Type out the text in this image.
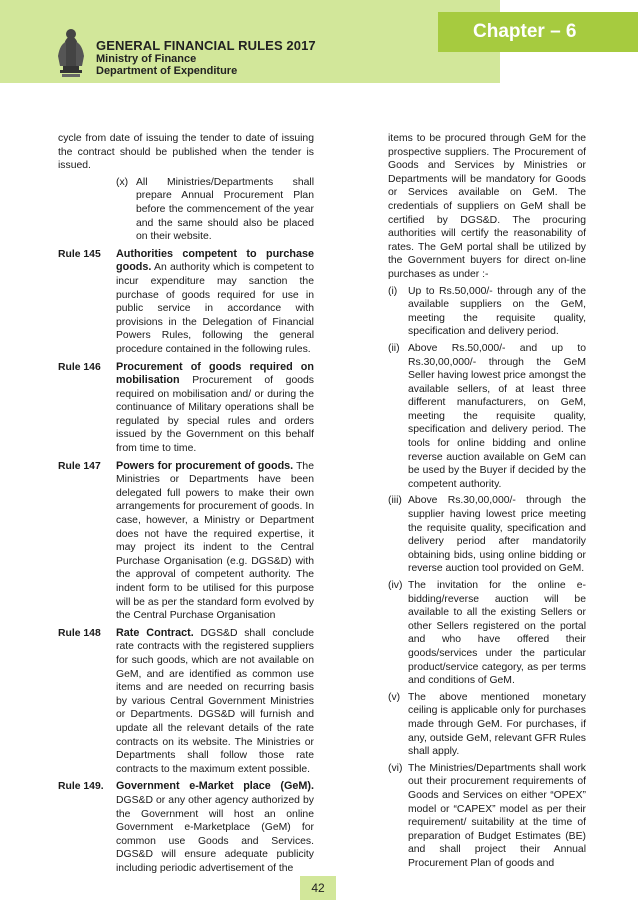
Chapter – 6
GENERAL FINANCIAL RULES 2017
Ministry of Finance
Department of Expenditure

cycle from date of issuing the tender to date of issuing the contract should be published when the tender is issued.

(x) All Ministries/Departments shall prepare Annual Procurement Plan before the commencement of the year and the same should also be placed on their website.
Rule 145	Authorities competent to purchase goods. An authority which is competent to incur expenditure may sanction the purchase of goods required for use in public service in accordance with provisions in the Delegation of Financial Powers Rules, following the general procedure contained in the following rules.
Rule 146	Procurement of goods required on mobilisation Procurement of goods required on mobilisation and/ or during the continuance of Military operations shall be regulated by special rules and orders issued by the Government on this behalf from time to time.
Rule 147	Powers for procurement of goods. The Ministries or Departments have been delegated full powers to make their own arrangements for procurement of goods. In case, however, a Ministry or Department does not have the required expertise, it may project its indent to the Central Purchase Organisation (e.g. DGS&D) with the approval of competent authority. The indent form to be utilised for this purpose will be as per the standard form evolved by the Central Purchase Organisation
Rule 148	Rate Contract. DGS&D shall conclude rate contracts with the registered suppliers for such goods, which are not available on GeM, and are identified as common use items and are needed on recurring basis by various Central Government Ministries or Departments. DGS&D will furnish and update all the relevant details of the rate contracts on its website. The Ministries or Departments shall follow those rate contracts to the maximum extent possible.
Rule 149.	Government e-Market place (GeM). DGS&D or any other agency authorized by the Government will host an online Government e-Marketplace (GeM) for common use Goods and Services. DGS&D will ensure adequate publicity including periodic advertisement of the

items to be procured through GeM for the prospective suppliers. The Procurement of Goods and Services by Ministries or Departments will be mandatory for Goods or Services available on GeM. The credentials of suppliers on GeM shall be certified by DGS&D. The procuring authorities will certify the reasonability of rates. The GeM portal shall be utilized by the Government buyers for direct on-line purchases as under :-

(i)	Up to Rs.50,000/- through any of the available suppliers on the GeM, meeting the requisite quality, specification and delivery period.
(ii) Above Rs.50,000/- and up to Rs.30,00,000/- through the GeM Seller having lowest price amongst the available sellers, of at least three different manufacturers, on GeM, meeting the requisite quality, specification and delivery period. The tools for online bidding and online reverse auction available on GeM can be used by the Buyer if decided by the competent authority.
(iii) Above Rs.30,00,000/- through the supplier having lowest price meeting the requisite quality, specification and delivery period after mandatorily obtaining bids, using online bidding or reverse auction tool provided on GeM.
(iv) The invitation for the online e-bidding/reverse auction will be available to all the existing Sellers or other Sellers registered on the portal and who have offered their goods/services under the particular product/service category, as per terms and conditions of GeM.
(v) The above mentioned monetary ceiling is applicable only for purchases made through GeM. For purchases, if any, outside GeM, relevant GFR Rules shall apply.
(vi) The Ministries/Departments shall work out their procurement requirements of Goods and Services on either “OPEX” model or “CAPEX” model as per their requirement/ suitability at the time of preparation of Budget Estimates (BE) and shall project their Annual Procurement Plan of goods and
42
